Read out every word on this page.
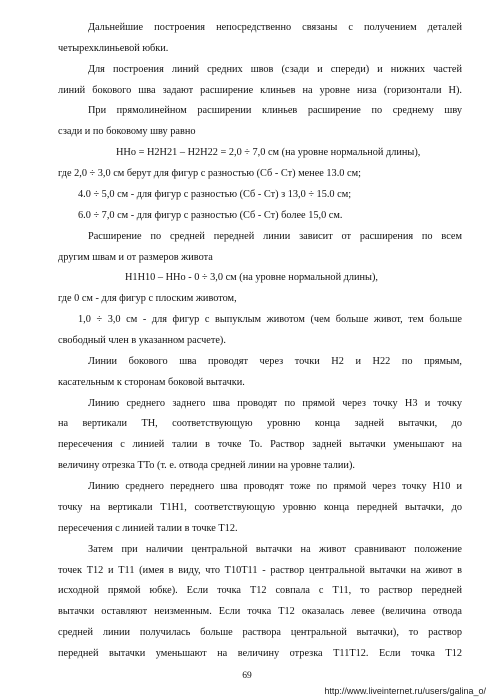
Дальнейшие построения непосредственно связаны с получением деталей
четырехклиньевой юбки.
Для построения линий средних швов (сзади и спереди) и нижних частей
линий бокового шва задают расширение клиньев на уровне низа (горизонтали Н).
При прямолинейном расширении клиньев расширение по среднему шву
сзади и по боковому шву равно
ННо = Н2Н21 – Н2Н22 = 2,0 ÷ 7,0 см (на уровне нормальной длины),
где 2,0 ÷ 3,0 см берут для фигур с разностью (Сб - Ст) менее 13.0 см;
4.0 ÷ 5,0 см - для фигур с разностью (Сб - Ст) з 13,0 ÷ 15.0 см;
6.0 ÷ 7,0 см - для фигур с разностью (Сб - Ст) более 15,0 см.
Расширение по средней передней линии зависит от расширения по всем
другим швам и от размеров живота
Н1Н10 – ННо - 0 ÷ 3,0 см (на уровне нормальной длины),
где 0 см - для фигур с плоским животом,
1,0 ÷ 3,0 см - для фигур с выпуклым животом (чем больше живот, тем больше
свободный член в указанном расчете).
Линии бокового шва проводят через точки Н2 и Н22 по прямым,
касательным к сторонам боковой вытачки.
Линию среднего заднего шва проводят по прямой через точку Н3 и точку
на вертикали ТН, соответствующую уровню конца задней вытачки, до
пересечения с линией талии в точке То. Раствор задней вытачки уменьшают на
величину отрезка ТТо (т. е. отвода средней линии на уровне талии).
Линию среднего переднего шва проводят тоже по прямой через точку Н10 и
точку на вертикали Т1Н1, соответствующую уровню конца передней вытачки, до
пересечения с линией талии в точке Т12.
Затем при наличии центральной вытачки на живот сравнивают положение
точек Т12 и Т11 (имея в виду, что Т10Т11 - раствор центральной вытачки на живот в
исходной прямой юбке). Если точка Т12 совпала с Т11, то раствор передней
вытачки оставляют неизменным. Если точка Т12 оказалась левее (величина отвода
средней линии получилась больше раствора центральной вытачки), то раствор
передней вытачки уменьшают на величину отрезка Т11Т12. Если точка Т12
69
http://www.liveinternet.ru/users/galina_o/
